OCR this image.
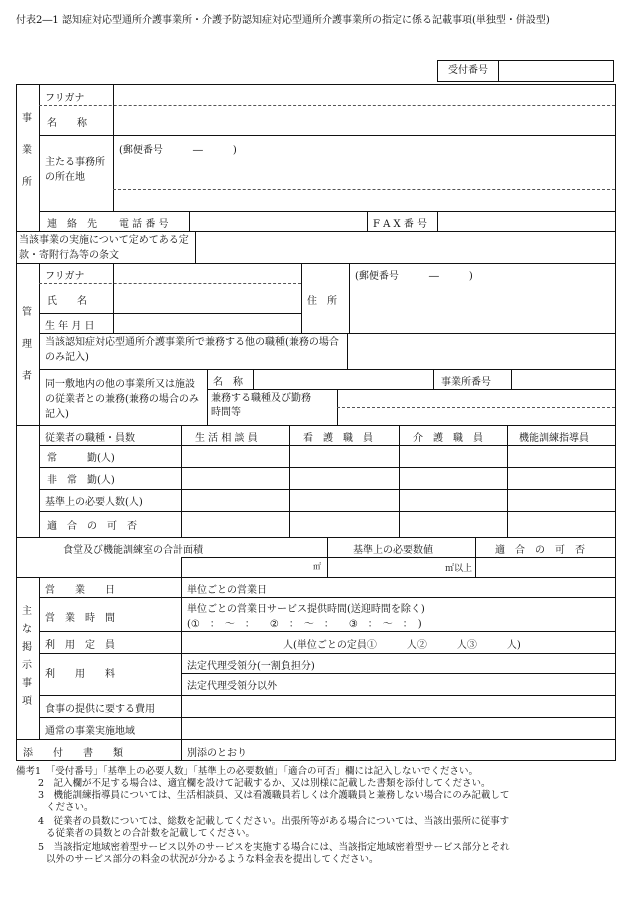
付表2―1 認知症対応型通所介護事業所・介護予防認知症対応型通所介護事業所の指定に係る記載事項(単独型・併設型)
受付番号
事
業
所
フリガナ
名　　称
主たる事務所の所在地
(郵便番号　　　―　　　)
連　絡　先 電 話 番 号	F A X 番 号
当該事業の実施について定めてある定款・寄附行為等の条文
管
理
者
フリガナ
氏　　名	住　所
(郵便番号　　　―　　　)
生 年 月 日
当該認知症対応型通所介護事業所で兼務する他の職種(兼務の場合のみ記入)
同一敷地内の他の事業所又は施設の従業者との兼務(兼務の場合のみ記入)
名　称	事業所番号
兼務する職種及び勤務時間等
従業者の職種・員数	生 活 相 談 員	看　護　職　員	介　護　職　員	機能訓練指導員
常　　　勤(人)
非　常　勤(人)
基準上の必要人数(人)
適　合　の　可　否
食堂及び機能訓練室の合計面積	基準上の必要数値	適　合　の　可　否
㎡	㎡以上
主
な
掲
示
事
項
営　　業　　日	単位ごとの営業日
営　業　時　間
単位ごとの営業日サービス提供時間(送迎時間を除く)
(①　：　～　：　　②　：　～　：　　③　：　～　：　)
利　用　定　員	人(単位ごとの定員①　　　人②　　　人③　　　人)
利　　用　　料
法定代理受領分(一割負担分)
法定代理受領分以外
食事の提供に要する費用
通常の事業実施地域
添　　付　　書　　類	別添のとおり
備考1　「受付番号」「基準上の必要人数」「基準上の必要数値」「適合の可否」欄には記入しないでください。
2　記入欄が不足する場合は、適宜欄を設けて記載するか、又は別様に記載した書類を添付してください。
3　機能訓練指導員については、生活相談員、又は看護職員若しくは介護職員と兼務しない場合にのみ記載して
ください。
4　従業者の員数については、総数を記載してください。出張所等がある場合については、当該出張所に従事す
る従業者の員数との合計数を記載してください。
5　当該指定地域密着型サービス以外のサービスを実施する場合には、当該指定地域密着型サービス部分とそれ
以外のサービス部分の料金の状況が分かるような料金表を提出してください。
